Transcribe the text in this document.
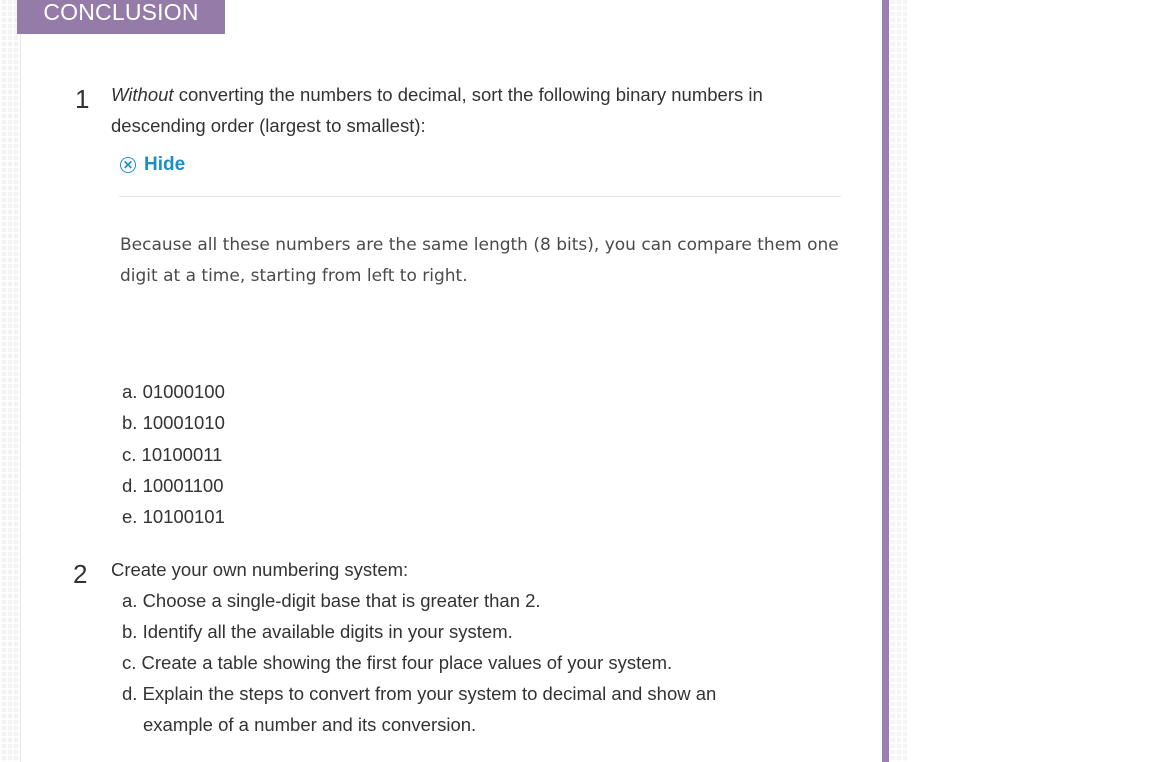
CONCLUSION
1 Without converting the numbers to decimal, sort the following binary numbers in descending order (largest to smallest):
✕ Hide
Because all these numbers are the same length (8 bits), you can compare them one digit at a time, starting from left to right.
a. 01000100
b. 10001010
c. 10100011
d. 10001100
e. 10100101
2 Create your own numbering system:
a. Choose a single-digit base that is greater than 2.
b. Identify all the available digits in your system.
c. Create a table showing the first four place values of your system.
d. Explain the steps to convert from your system to decimal and show an example of a number and its conversion.
